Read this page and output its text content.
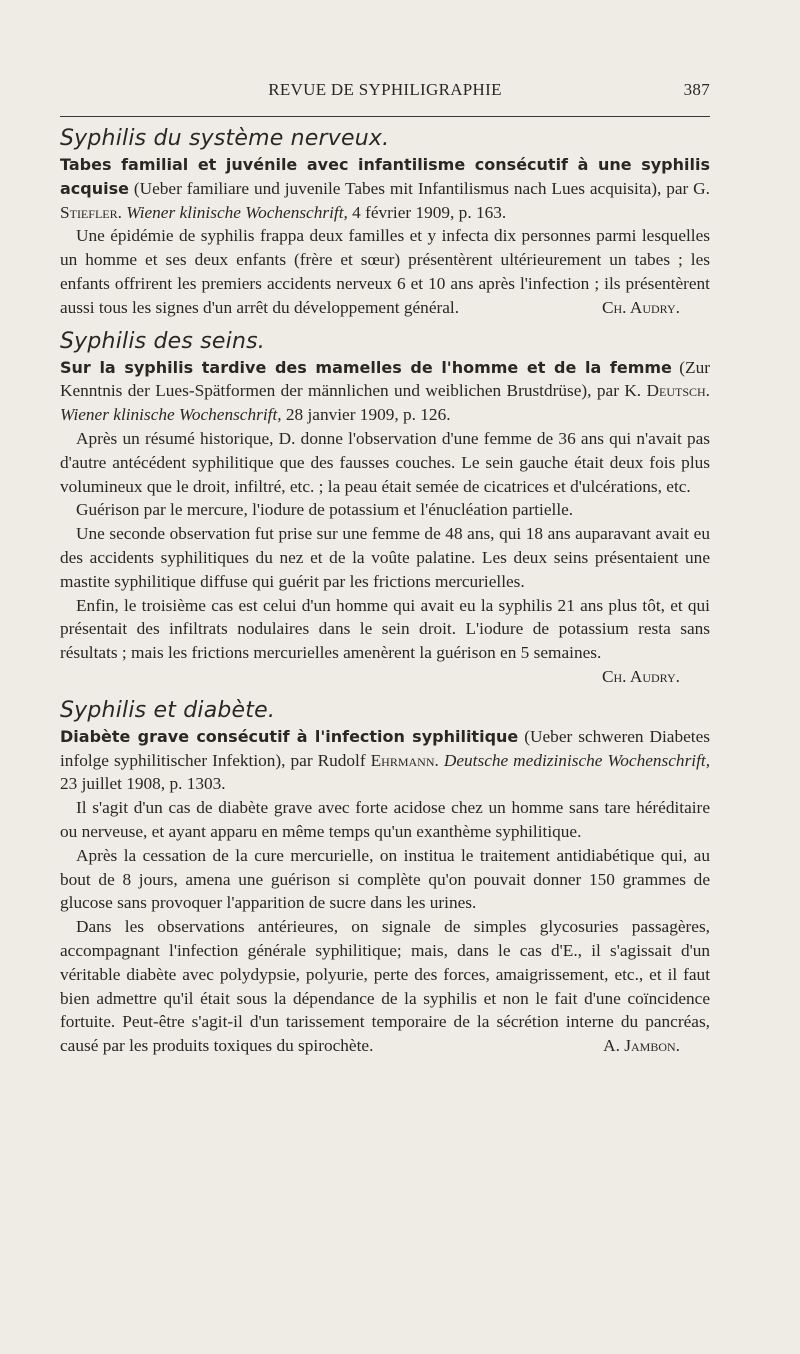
REVUE DE SYPHILIGRAPHIE	387
Syphilis du système nerveux.

Tabes familial et juvénile avec infantilisme consécutif à une syphilis acquise (Ueber familiare und juvenile Tabes mit Infantilismus nach Lues acquisita), par G. Stiefler. Wiener klinische Wochenschrift, 4 février 1909, p. 163.

Une épidémie de syphilis frappa deux familles et y infecta dix personnes parmi lesquelles un homme et ses deux enfants (frère et sœur) présentèrent ultérieurement un tabes ; les enfants offrirent les premiers accidents nerveux 6 et 10 ans après l'infection ; ils présentèrent aussi tous les signes d'un arrêt du développement général.	Ch. Audry.

Syphilis des seins.

Sur la syphilis tardive des mamelles de l'homme et de la femme (Zur Kenntnis der Lues-Spätformen der männlichen und weiblichen Brustdrüse), par K. Deutsch. Wiener klinische Wochenschrift, 28 janvier 1909, p. 126.

Après un résumé historique, D. donne l'observation d'une femme de 36 ans qui n'avait pas d'autre antécédent syphilitique que des fausses couches. Le sein gauche était deux fois plus volumineux que le droit, infiltré, etc. ; la peau était semée de cicatrices et d'ulcérations, etc.

Guérison par le mercure, l'iodure de potassium et l'énucléation partielle.

Une seconde observation fut prise sur une femme de 48 ans, qui 18 ans auparavant avait eu des accidents syphilitiques du nez et de la voûte palatine. Les deux seins présentaient une mastite syphilitique diffuse qui guérit par les frictions mercurielles.

Enfin, le troisième cas est celui d'un homme qui avait eu la syphilis 21 ans plus tôt, et qui présentait des infiltrats nodulaires dans le sein droit. L'iodure de potassium resta sans résultats ; mais les frictions mercurielles amenèrent la guérison en 5 semaines.
Ch. Audry.

Syphilis et diabète.

Diabète grave consécutif à l'infection syphilitique (Ueber schweren Diabetes infolge syphilitischer Infektion), par Rudolf Ehrmann. Deutsche medizinische Wochenschrift, 23 juillet 1908, p. 1303.

Il s'agit d'un cas de diabète grave avec forte acidose chez un homme sans tare héréditaire ou nerveuse, et ayant apparu en même temps qu'un exanthème syphilitique.

Après la cessation de la cure mercurielle, on institua le traitement antidiabétique qui, au bout de 8 jours, amena une guérison si complète qu'on pouvait donner 150 grammes de glucose sans provoquer l'apparition de sucre dans les urines.

Dans les observations antérieures, on signale de simples glycosuries passagères, accompagnant l'infection générale syphilitique; mais, dans le cas d'E., il s'agissait d'un véritable diabète avec polydypsie, polyurie, perte des forces, amaigrissement, etc., et il faut bien admettre qu'il était sous la dépendance de la syphilis et non le fait d'une coïncidence fortuite. Peut-être s'agit-il d'un tarissement temporaire de la sécrétion interne du pancréas, causé par les produits toxiques du spirochète.	A. Jambon.
